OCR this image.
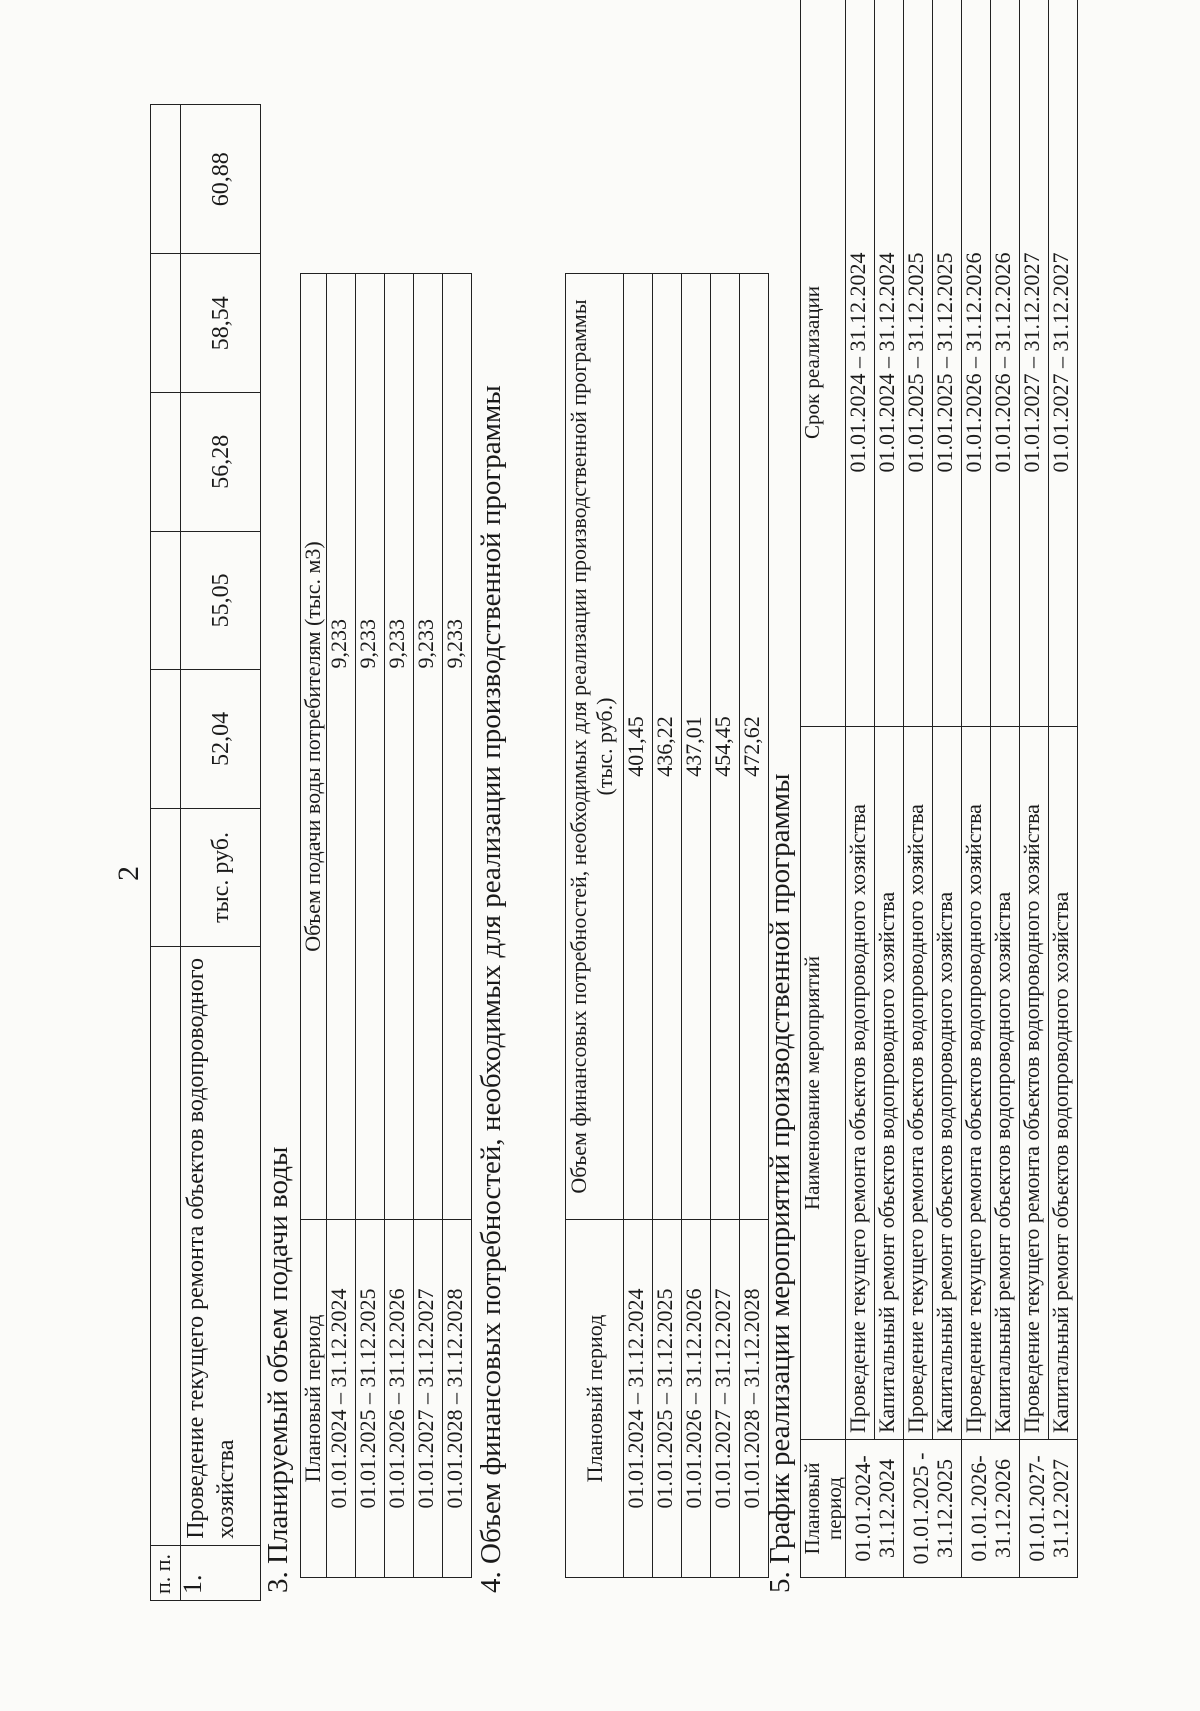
2
п. п.							
1.	Проведение текущего ремонта объектов водопроводного хозяйства	тыс. руб.	52,04	55,05	56,28	58,54	60,88
3. Планируемый объем подачи воды Плановый период	Объем подачи воды потребителям (тыс. м3)
01.01.2024 – 31.12.2024	9,233
01.01.2025 – 31.12.2025	9,233
01.01.2026 – 31.12.2026	9,233
01.01.2027 – 31.12.2027	9,233
01.01.2028 – 31.12.2028	9,233 4. Объем финансовых потребностей, необходимых для реализации производственной программы	Плановый период	Объем финансовых потребностей, необходимых для реализации производственной программы (тыс. руб.)
01.01.2024 – 31.12.2024	401,45
01.01.2025 – 31.12.2025	436,22
01.01.2026 – 31.12.2026	437,01
01.01.2027 – 31.12.2027	454,45
01.01.2028 – 31.12.2028	472,62
5. График реализации мероприятий производственной программы Плановый период	Наименование мероприятий	Срок реализации
01.01.2024-
31.12.2024	Проведение текущего ремонта объектов водопроводного хозяйства	01.01.2024 – 31.12.2024
	Капитальный ремонт объектов водопроводного хозяйства	01.01.2024 – 31.12.2024
01.01.2025 -
31.12.2025	Проведение текущего ремонта объектов водопроводного хозяйства	01.01.2025 – 31.12.2025
	Капитальный ремонт объектов водопроводного хозяйства	01.01.2025 – 31.12.2025
01.01.2026-
31.12.2026	Проведение текущего ремонта объектов водопроводного хозяйства	01.01.2026 – 31.12.2026
	Капитальный ремонт объектов водопроводного хозяйства	01.01.2026 – 31.12.2026
01.01.2027-
31.12.2027	Проведение текущего ремонта объектов водопроводного хозяйства	01.01.2027 – 31.12.2027
	Капитальный ремонт объектов водопроводного хозяйства	01.01.2027 – 31.12.2027
